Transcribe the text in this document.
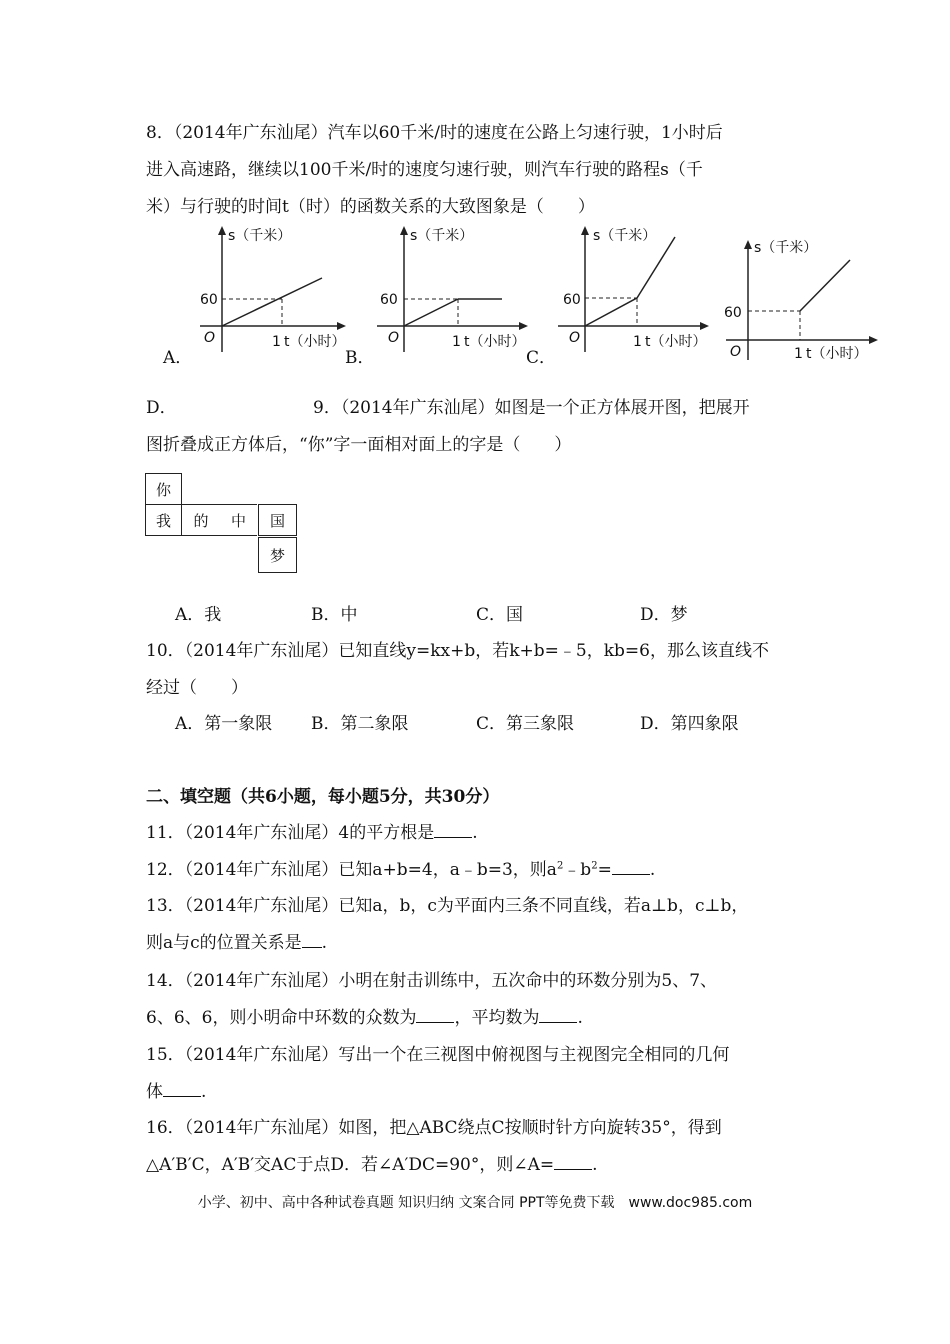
8．（2014年广东汕尾）汽车以60千米/时的速度在公路上匀速行驶，1小时后
进入高速路，继续以100千米/时的速度匀速行驶，则汽车行驶的路程s（千
米）与行驶的时间t（时）的函数关系的大致图象是（　　）
s（千米）
60
O	1 t（小时）
A．
s（千米）
60
O	1 t（小时）
B．
s（千米）
60
O	1 t（小时）
C．
s（千米）
60
O	1 t（小时）
D．	9．（2014年广东汕尾）如图是一个正方体展开图，把展开
图折叠成正方体后，“你”字一面相对面上的字是（　　）
你
我	的	中	国
梦
A．我	B．中	C．国	D．梦
10．（2014年广东汕尾）已知直线y=kx+b，若k+b=﹣5，kb=6，那么该直线不
经过（　　）
A．第一象限 B．第二象限	C．第三象限	D．第四象限
二、填空题（共6小题，每小题5分，共30分）
11．（2014年广东汕尾）4的平方根是 .
12．（2014年广东汕尾）已知a+b=4，a﹣b=3，则$a^2﹣b^2=$ .
13．（2014年广东汕尾）已知a，b，c为平面内三条不同直线，若a⊥b，c⊥b，
则a与c的位置关系是 .
14．（2014年广东汕尾）小明在射击训练中，五次命中的环数分别为5、7、
6、6、6，则小明命中环数的众数为 ，平均数为 .
15．（2014年广东汕尾）写出一个在三视图中俯视图与主视图完全相同的几何
体 .
16．（2014年广东汕尾）如图，把△ABC绕点C按顺时针方向旋转35°，得到
△A′B′C，A′B′交AC于点D．若∠A′DC=90°，则∠A= .
小学、初中、高中各种试卷真题 知识归纳 文案合同 PPT等免费下载　www.doc985.com
